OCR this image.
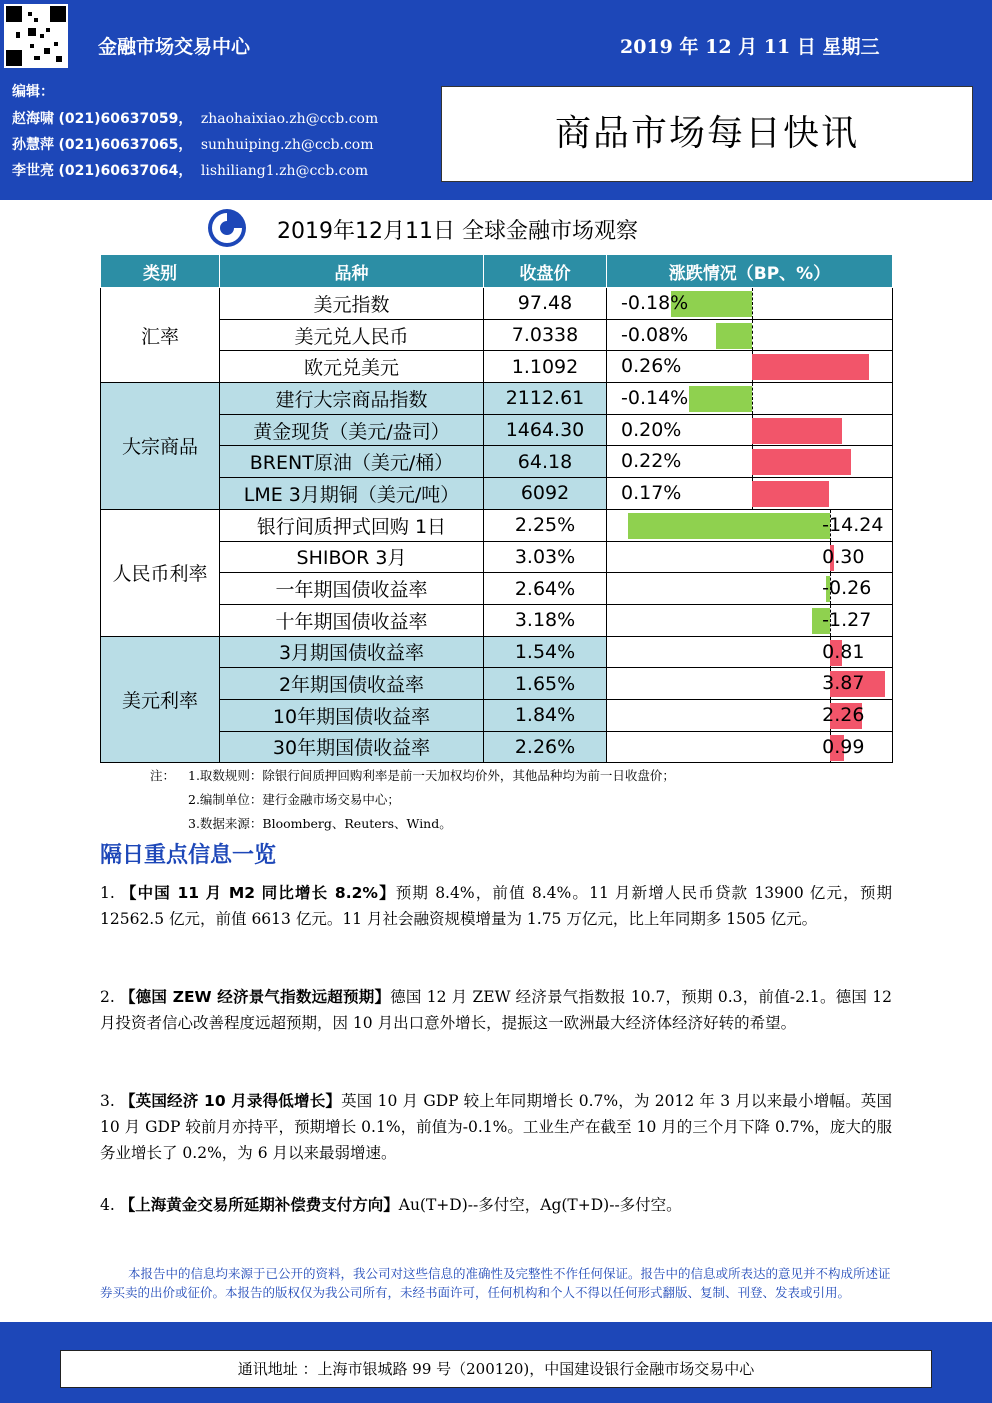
金融市场交易中心	2019 年 12 月 11 日 星期三
编辑：
赵海啸 (021)60637059， zhaohaixiao.zh@ccb.com
孙慧萍 (021)60637065， sunhuiping.zh@ccb.com
李世亮 (021)60637064， lishiliang1.zh@ccb.com
商品市场每日快讯
2019年12月11日 全球金融市场观察
类别	品种	收盘价	涨跌情况（BP、%）
汇率	美元指数	97.48	-0.18%

	美元兑人民币	7.0338	-0.08%

	欧元兑美元	1.1092	0.26%

大宗商品	建行大宗商品指数	2112.61	-0.14%

	黄金现货（美元/盎司）	1464.30	0.20%

	BRENT原油（美元/桶）	64.18	0.22%

	LME 3月期铜（美元/吨）	6092	0.17%

人民币利率	银行间质押式回购 1日	2.25%	-14.24

	SHIBOR 3月	3.03%	0.30

	一年期国债收益率	2.64%	-0.26

	十年期国债收益率	3.18%	-1.27

美元利率	3月期国债收益率	1.54%	0.81

	2年期国债收益率	1.65%	3.87

	10年期国债收益率	1.84%	2.26

	30年期国债收益率	2.26%	0.99
注： 1.取数规则：除银行间质押回购利率是前一天加权均价外，其他品种均为前一日收盘价；
2.编制单位：建行金融市场交易中心；
3.数据来源：Bloomberg、Reuters、Wind。
隔日重点信息一览
1. 【中国 11 月 M2 同比增长 8.2%】预期 8.4%，前值 8.4%。11 月新增人民币贷款 13900 亿元，预期 12562.5 亿元，前值 6613 亿元。11 月社会融资规模增量为 1.75 万亿元，比上年同期多 1505 亿元。
2. 【德国 ZEW 经济景气指数远超预期】德国 12 月 ZEW 经济景气指数报 10.7，预期 0.3，前值-2.1。德国 12 月投资者信心改善程度远超预期，因 10 月出口意外增长，提振这一欧洲最大经济体经济好转的希望。
3. 【英国经济 10 月录得低增长】英国 10 月 GDP 较上年同期增长 0.7%，为 2012 年 3 月以来最小增幅。英国 10 月 GDP 较前月亦持平，预期增长 0.1%，前值为-0.1%。工业生产在截至 10 月的三个月下降 0.7%，庞大的服务业增长了 0.2%，为 6 月以来最弱增速。
4. 【上海黄金交易所延期补偿费支付方向】Au(T+D)--多付空，Ag(T+D)--多付空。
本报告中的信息均来源于已公开的资料，我公司对这些信息的准确性及完整性不作任何保证。报告中的信息或所表达的意见并不构成所述证券买卖的出价或征价。本报告的版权仅为我公司所有，未经书面许可，任何机构和个人不得以任何形式翻版、复制、刊登、发表或引用。
通讯地址 ：上海市银城路 99 号（200120)，中国建设银行金融市场交易中心
